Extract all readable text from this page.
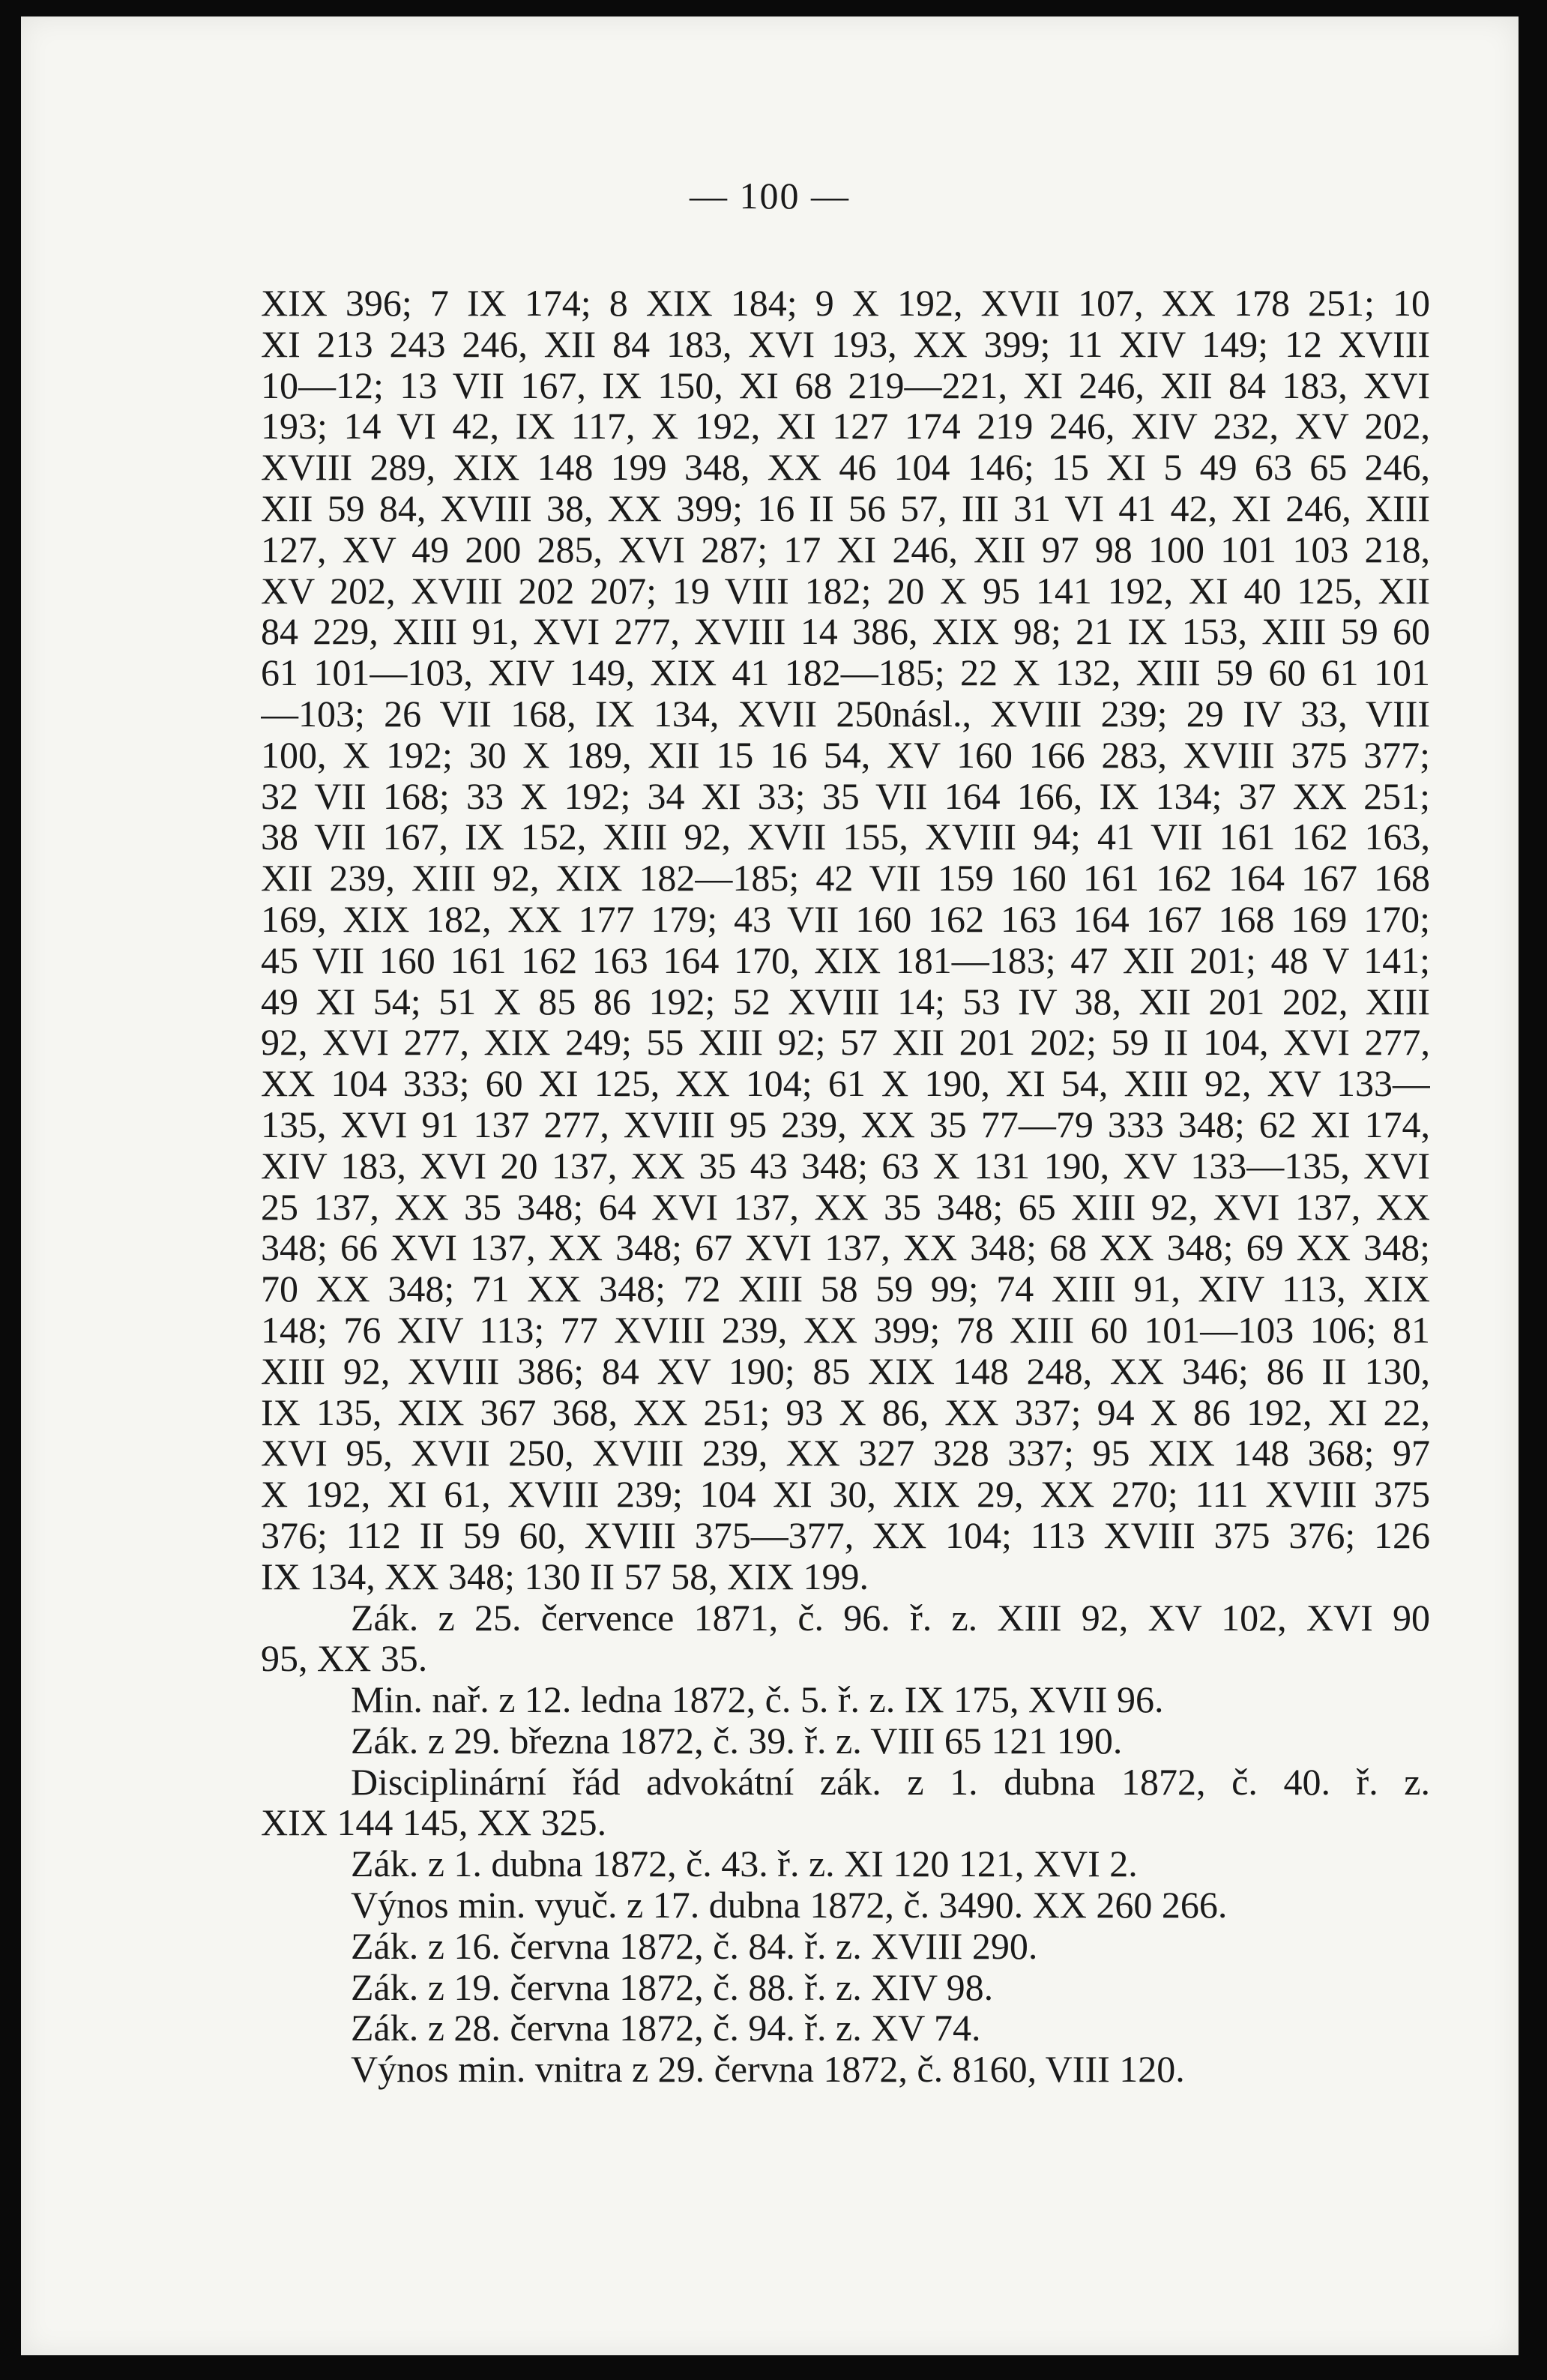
— 100 —
XIX 396; 7 IX 174; 8 XIX 184; 9 X 192, XVII 107, XX 178 251; 10
XI 213 243 246, XII 84 183, XVI 193, XX 399; 11 XIV 149; 12 XVIII
10—12; 13 VII 167, IX 150, XI 68 219—221, XI 246, XII 84 183, XVI
193; 14 VI 42, IX 117, X 192, XI 127 174 219 246, XIV 232, XV 202,
XVIII 289, XIX 148 199 348, XX 46 104 146; 15 XI 5 49 63 65 246,
XII 59 84, XVIII 38, XX 399; 16 II 56 57, III 31 VI 41 42, XI 246, XIII
127, XV 49 200 285, XVI 287; 17 XI 246, XII 97 98 100 101 103 218,
XV 202, XVIII 202 207; 19 VIII 182; 20 X 95 141 192, XI 40 125, XII
84 229, XIII 91, XVI 277, XVIII 14 386, XIX 98; 21 IX 153, XIII 59 60
61 101—103, XIV 149, XIX 41 182—185; 22 X 132, XIII 59 60 61 101
—103; 26 VII 168, IX 134, XVII 250násl., XVIII 239; 29 IV 33, VIII
100, X 192; 30 X 189, XII 15 16 54, XV 160 166 283, XVIII 375 377;
32 VII 168; 33 X 192; 34 XI 33; 35 VII 164 166, IX 134; 37 XX 251;
38 VII 167, IX 152, XIII 92, XVII 155, XVIII 94; 41 VII 161 162 163,
XII 239, XIII 92, XIX 182—185; 42 VII 159 160 161 162 164 167 168
169, XIX 182, XX 177 179; 43 VII 160 162 163 164 167 168 169 170;
45 VII 160 161 162 163 164 170, XIX 181—183; 47 XII 201; 48 V 141;
49 XI 54; 51 X 85 86 192; 52 XVIII 14; 53 IV 38, XII 201 202, XIII
92, XVI 277, XIX 249; 55 XIII 92; 57 XII 201 202; 59 II 104, XVI 277,
XX 104 333; 60 XI 125, XX 104; 61 X 190, XI 54, XIII 92, XV 133—
135, XVI 91 137 277, XVIII 95 239, XX 35 77—79 333 348; 62 XI 174,
XIV 183, XVI 20 137, XX 35 43 348; 63 X 131 190, XV 133—135, XVI
25 137, XX 35 348; 64 XVI 137, XX 35 348; 65 XIII 92, XVI 137, XX
348; 66 XVI 137, XX 348; 67 XVI 137, XX 348; 68 XX 348; 69 XX 348;
70 XX 348; 71 XX 348; 72 XIII 58 59 99; 74 XIII 91, XIV 113, XIX
148; 76 XIV 113; 77 XVIII 239, XX 399; 78 XIII 60 101—103 106; 81
XIII 92, XVIII 386; 84 XV 190; 85 XIX 148 248, XX 346; 86 II 130,
IX 135, XIX 367 368, XX 251; 93 X 86, XX 337; 94 X 86 192, XI 22,
XVI 95, XVII 250, XVIII 239, XX 327 328 337; 95 XIX 148 368; 97
X 192, XI 61, XVIII 239; 104 XI 30, XIX 29, XX 270; 111 XVIII 375
376; 112 II 59 60, XVIII 375—377, XX 104; 113 XVIII 375 376; 126
IX 134, XX 348; 130 II 57 58, XIX 199.
Zák. z 25. července 1871, č. 96. ř. z. XIII 92, XV 102, XVI 90
95, XX 35.
Min. nař. z 12. ledna 1872, č. 5. ř. z. IX 175, XVII 96.
Zák. z 29. března 1872, č. 39. ř. z. VIII 65 121 190.
Disciplinární řád advokátní zák. z 1. dubna 1872, č. 40. ř. z.
XIX 144 145, XX 325.
Zák. z 1. dubna 1872, č. 43. ř. z. XI 120 121, XVI 2.
Výnos min. vyuč. z 17. dubna 1872, č. 3490. XX 260 266.
Zák. z 16. června 1872, č. 84. ř. z. XVIII 290.
Zák. z 19. června 1872, č. 88. ř. z. XIV 98.
Zák. z 28. června 1872, č. 94. ř. z. XV 74.
Výnos min. vnitra z 29. června 1872, č. 8160, VIII 120.
